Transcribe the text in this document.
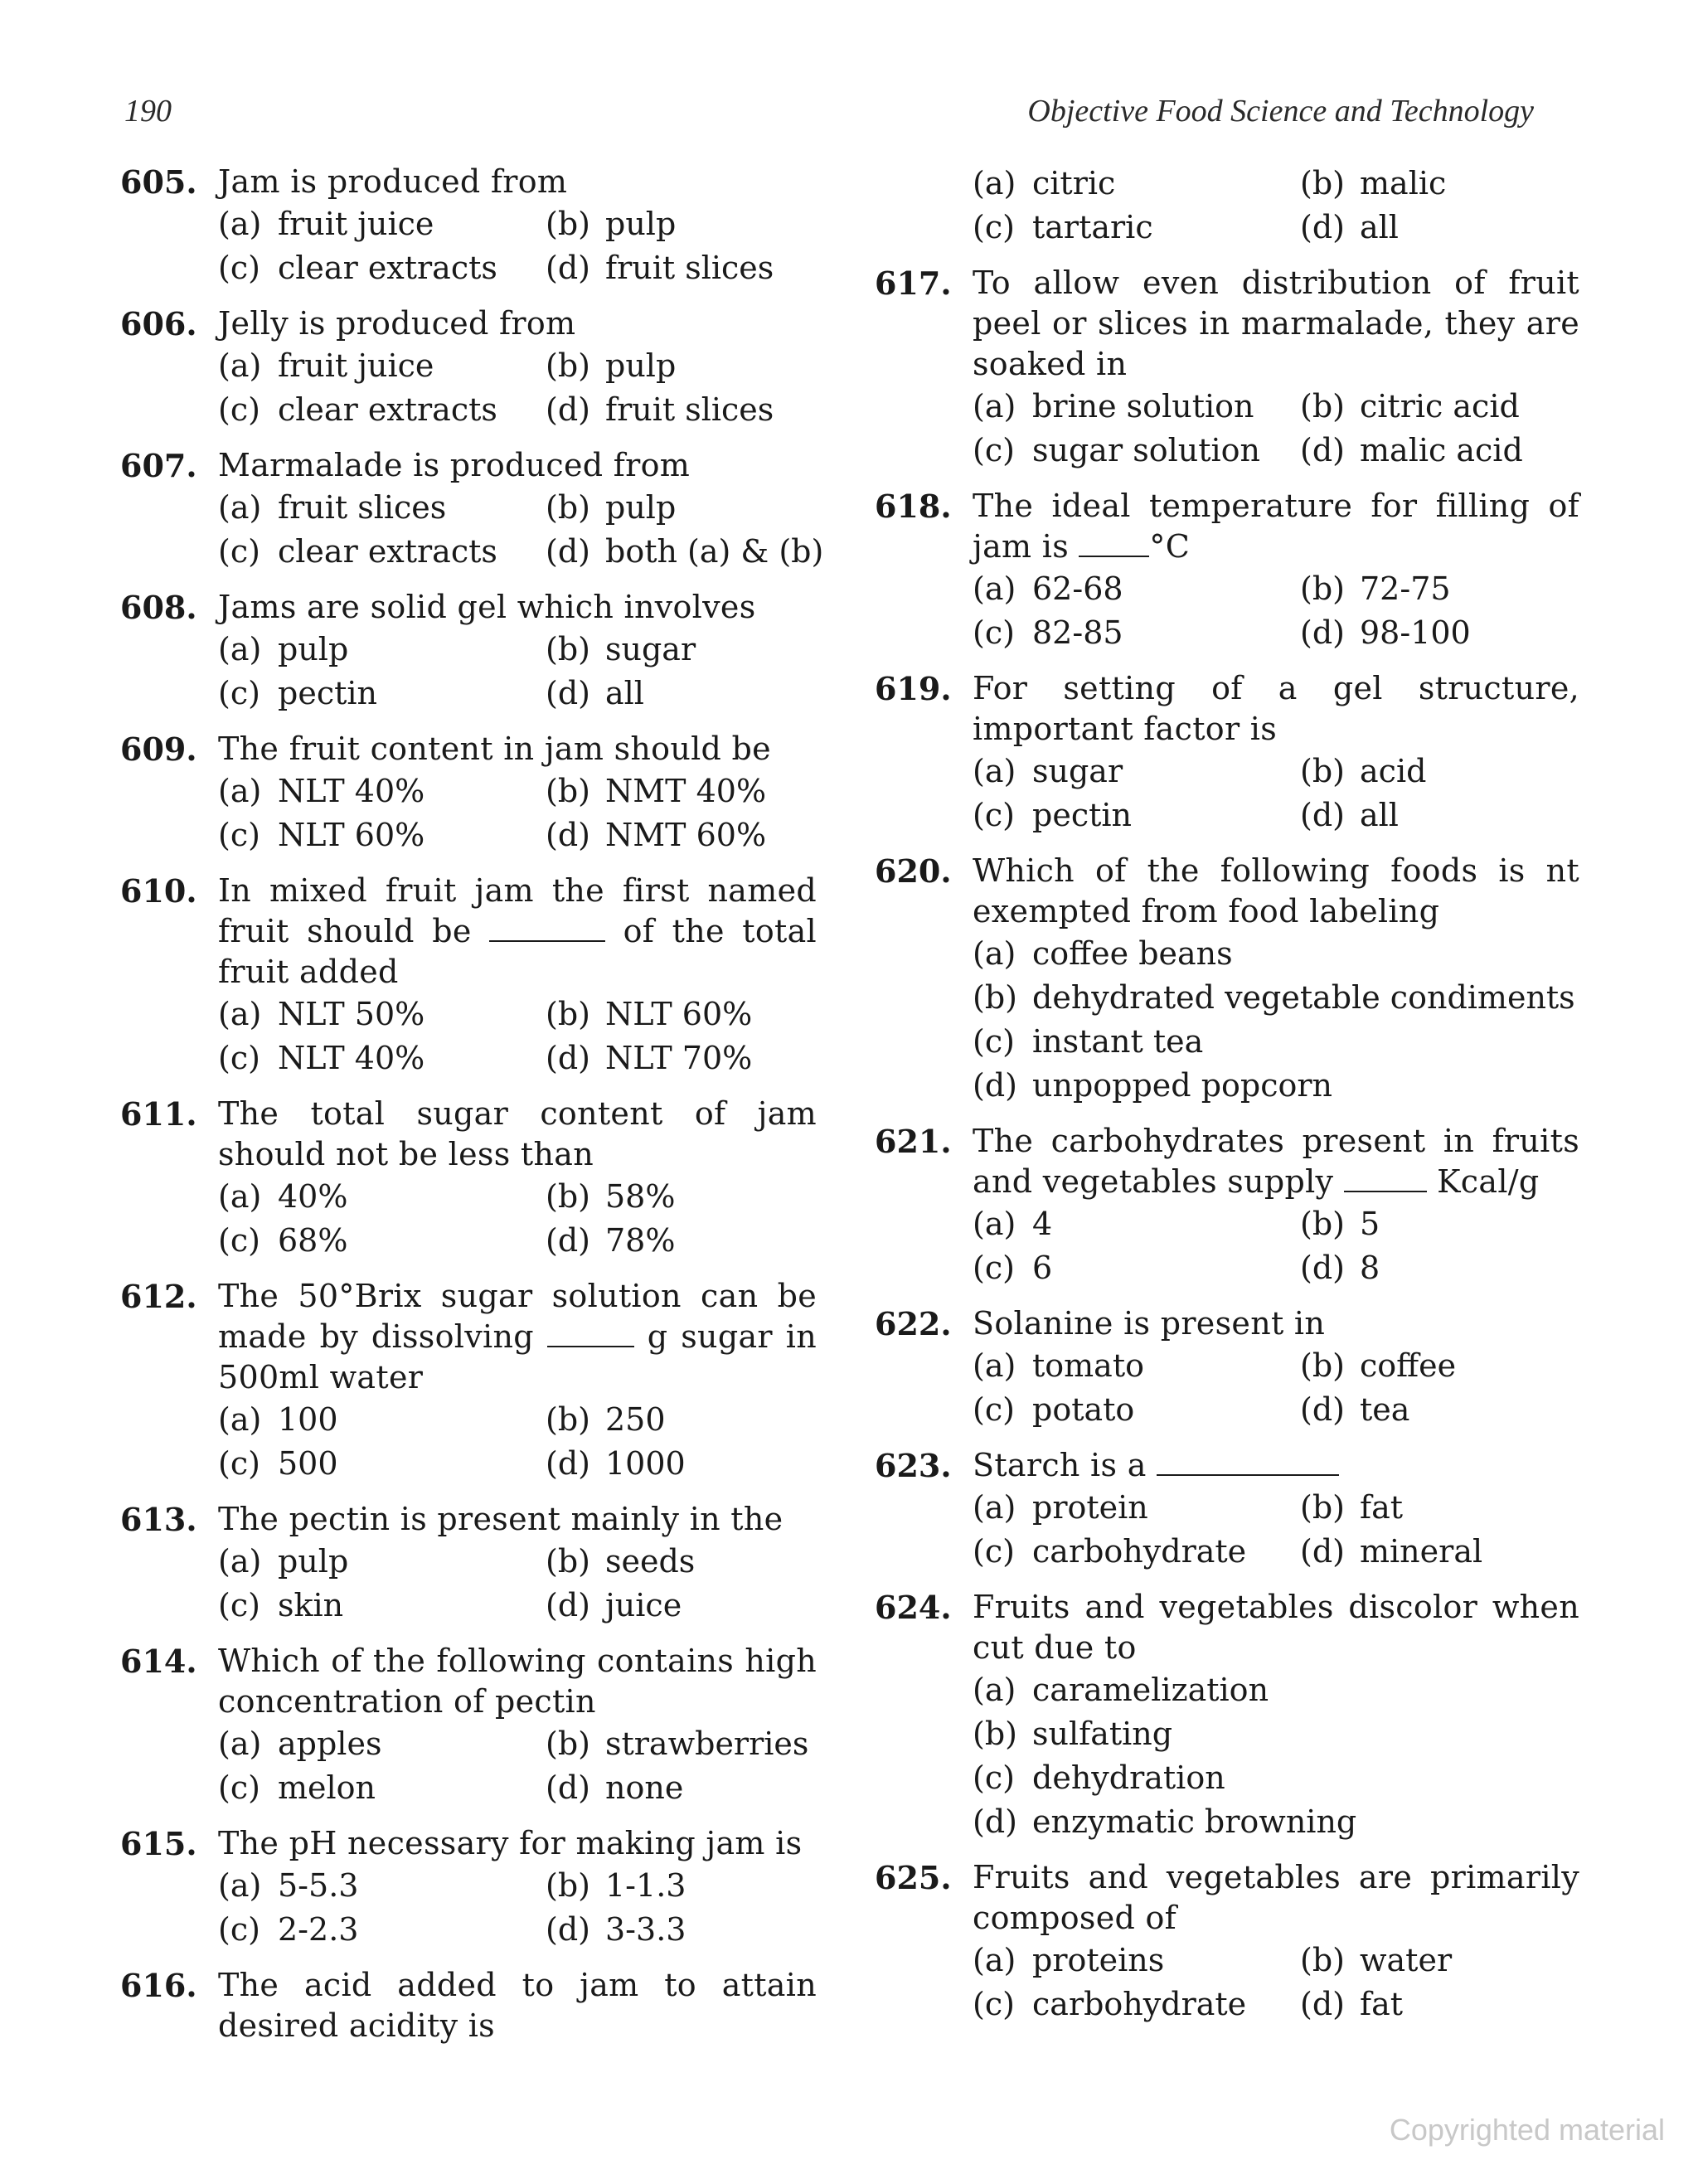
190	Objective Food Science and Technology
605. Jam is produced from
(a) fruit juice	(b) pulp
(c) clear extracts	(d) fruit slices
606. Jelly is produced from
(a) fruit juice	(b) pulp
(c) clear extracts	(d) fruit slices
607. Marmalade is produced from
(a) fruit slices	(b) pulp
(c) clear extracts	(d) both (a) & (b)
608. Jams are solid gel which involves
(a) pulp	(b) sugar
(c) pectin	(d) all
609. The fruit content in jam should be
(a) NLT 40%	(b) NMT 40%
(c) NLT 60%	(d) NMT 60%
610. In mixed fruit jam the first named fruit should be	of the total fruit added
(a) NLT 50%	(b) NLT 60%
(c) NLT 40%	(d) NLT 70%
611. The total sugar content of jam should not be less than
(a) 40%	(b) 58%
(c) 68%	(d) 78%
612. The 50°Brix sugar solution can be made by dissolving	g sugar in 500ml water
(a) 100	(b) 250
(c) 500	(d) 1000
613. The pectin is present mainly in the
(a) pulp	(b) seeds
(c) skin	(d) juice
614. Which of the following contains high concentration of pectin
(a) apples	(b) strawberries
(c) melon	(d) none
615. The pH necessary for making jam is
(a) 5-5.3	(b) 1-1.3
(c) 2-2.3	(d) 3-3.3
616. The acid added to jam to attain desired acidity is
(a) citric	(b) malic
(c) tartaric	(d) all
617. To allow even distribution of fruit peel or slices in marmalade, they are soaked in
(a) brine solution	(b) citric acid
(c) sugar solution	(d) malic acid
618. The ideal temperature for filling of jam is	°C
(a) 62-68	(b) 72-75
(c) 82-85	(d) 98-100
619. For setting of a gel structure, important factor is
(a) sugar	(b) acid
(c) pectin	(d) all
620. Which of the following foods is nt exempted from food labeling
(a) coffee beans
(b) dehydrated vegetable condiments
(c) instant tea
(d) unpopped popcorn
621. The carbohydrates present in fruits and vegetables supply	Kcal/g
(a) 4	(b) 5
(c) 6	(d) 8
622. Solanine is present in
(a) tomato	(b) coffee
(c) potato	(d) tea
623. Starch is a
(a) protein	(b) fat
(c) carbohydrate	(d) mineral
624. Fruits and vegetables discolor when cut due to
(a) caramelization
(b) sulfating
(c) dehydration
(d) enzymatic browning
625. Fruits and vegetables are primarily composed of
(a) proteins	(b) water
(c) carbohydrate	(d) fat
Copyrighted material
